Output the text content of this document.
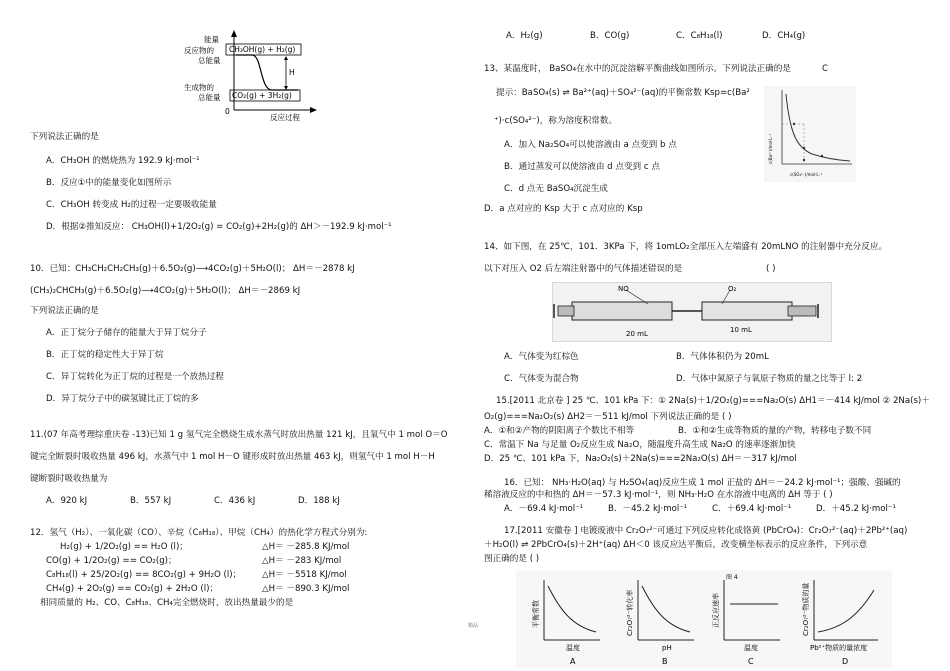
CH₃OH(g) + H₂(g)
CO₂(g) + 3H₂(g)
H
能量
反应物的
总能量
生成物的
总能量
0
反应过程
下列说法正确的是
A．CH₃OH 的燃烧热为 192.9 kJ·mol⁻¹
B．反应①中的能量变化如图所示
C．CH₃OH 转变成 H₂的过程一定要吸收能量
D．根据②推知反应： CH₃OH(l)+1/2O₂(g) = CO₂(g)+2H₂(g)的 ΔH＞－192.9 kJ·mol⁻¹
10．已知：CH₃CH₂CH₂CH₃(g)＋6.5O₂(g)⟶4CO₂(g)＋5H₂O(l)； ΔH＝－2878 kJ
(CH₃)₂CHCH₃(g)＋6.5O₂(g)⟶4CO₂(g)＋5H₂O(l)； ΔH＝－2869 kJ
下列说法正确的是
A．正丁烷分子储存的能量大于异丁烷分子
B．正丁烷的稳定性大于异丁烷
C．异丁烷转化为正丁烷的过程是一个放热过程
D．异丁烷分子中的碳氢键比正丁烷的多
11.(07 年高考理综重庆卷 -13)已知 1 g 氢气完全燃烧生成水蒸气时放出热量 121 kJ，且氧气中 1 mol O＝O
键完全断裂时吸收热量 496 kJ，水蒸气中 1 mol H－O 键形成时放出热量 463 kJ，则氢气中 1 mol H－H
键断裂时吸收热量为
A．920 kJ	B．557 kJ	C．436 kJ	D．188 kJ
12．氢气（H₂）、一氧化碳（CO）、辛烷（C₈H₁₈）、甲烷（CH₄）的热化学方程式分别为:
H₂(g) + 1/2O₂(g) == H₂O (l)；	△H＝ －285.8 KJ/mol
CO(g) + 1/2O₂(g) == CO₂(g)；	△H＝ －283 KJ/mol
C₈H₁₈(l) + 25/2O₂(g) == 8CO₂(g) + 9H₂O (l)； △H＝ －5518 KJ/mol
CH₄(g) + 2O₂(g) == CO₂(g) + 2H₂O (l)；	△H＝ －890.3 KJ/mol
相同质量的 H₂、CO、C₈H₁₈、CH₄完全燃烧时，放出热量最少的是
精品
A．H₂(g)	B．CO(g)	C．C₈H₁₈(l)	D．CH₄(g)
13、某温度时， BaSO₄在水中的沉淀溶解平衡曲线如图所示。下列说法正确的是	C
提示：BaSO₄(s) ⇌ Ba²⁺(aq)＋SO₄²⁻(aq)的平衡常数 Ksp=c(Ba²
⁺)·c(SO₄²⁻)，称为溶度积常数。
A．加入 Na₂SO₄可以使溶液由 a 点变到 b 点
B．通过蒸发可以使溶液由 d 点变到 c 点
C．d 点无 BaSO₄沉淀生成
D．a 点对应的 Ksp 大于 c 点对应的 Ksp
c(Ba²⁺)/mol·L⁻¹
c(SO₄²⁻)/mol·L⁻¹
14、如下图，在 25℃，101．3KPa 下，将 1omLO₂全部压入左端盛有 20mLNO 的注射器中充分反应。
以下对压入 O2 后左端注射器中的气体描述错误的是	( )
NO	O₂
20 mL	10 mL
A．气体变为红棕色	B．气体体积仍为 20mL
C．气体变为混合物	D．气体中氮原子与氧原子物质的量之比等于 l: 2
15.[2011 北京卷 ] 25 ℃、101 kPa 下：① 2Na(s)＋1/2O₂(g)===Na₂O(s) ΔH1＝－414 kJ/mol ② 2Na(s)＋
O₂(g)===Na₂O₂(s) ΔH2＝－511 kJ/mol 下列说法正确的是 ( )
A．①和②产物的阴阳离子个数比不相等	B．①和②生成等物质的量的产物，转移电子数不同
C．常温下 Na 与足量 O₂反应生成 Na₂O，随温度升高生成 Na₂O 的速率逐渐加快
D．25 ℃、101 kPa 下，Na₂O₂(s)＋2Na(s)===2Na₂O(s) ΔH＝－317 kJ/mol
16．已知： NH₃·H₂O(aq) 与 H₂SO₄(aq)反应生成 1 mol 正盐的 ΔH＝－24.2 kJ·mol⁻¹；强酸、强碱的
稀溶液反应的中和热的 ΔH＝－57.3 kJ·mol⁻¹，则 NH₃·H₂O 在水溶液中电离的 ΔH 等于 ( )
A．－69.4 kJ·mol⁻¹	B．－45.2 kJ·mol⁻¹	C．＋69.4 kJ·mol⁻¹	D．＋45.2 kJ·mol⁻¹
17.[2011 安徽卷 ] 电镀废液中 Cr₂O₇²⁻可通过下列反应转化成铬黄 (PbCrO₄)：Cr₂O₇²⁻(aq)＋2Pb²⁺(aq)
＋H₂O(l) ⇌ 2PbCrO₄(s)＋2H⁺(aq) ΔH＜0 该反应达平衡后，改变横坐标表示的反应条件，下列示意
图正确的是 ( )
图 4
平衡常数
温度
A
Cr₂O₇²⁻转化率
pH
B
正反应速率
温度
C
Cr₂O₇²⁻物质的量
Pb²⁺物质的量浓度
D
